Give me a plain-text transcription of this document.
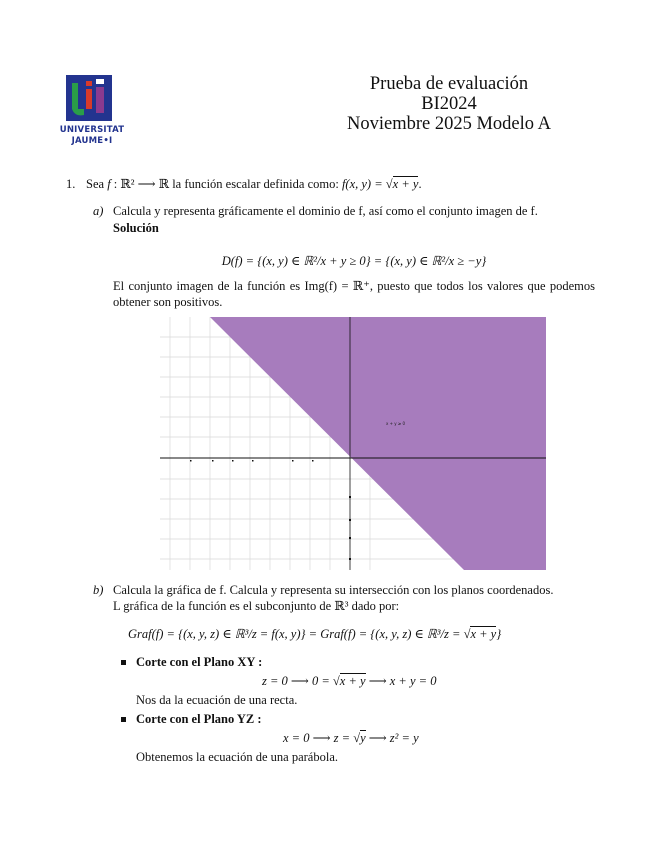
UNIVERSITAT
JAUME•I
Prueba de evaluación
BI2024
Noviembre 2025 Modelo A
1. Sea f : ℝ² ⟶ ℝ la función escalar definida como: f(x, y) = √x + y.
a) Calcula y representa gráficamente el dominio de f, así como el conjunto imagen de f.
Solución
D(f) = {(x, y) ∈ ℝ²/x + y ≥ 0} = {(x, y) ∈ ℝ²/x ≥ −y}
El conjunto imagen de la función es Img(f) = ℝ⁺, puesto que todos los valores que podemos obtener son positivos.
x + y ≥ 0
b) Calcula la gráfica de f. Calcula y representa su intersección con los planos coordenados.
L gráfica de la función es el subconjunto de ℝ³ dado por:
Graf(f) = {(x, y, z) ∈ ℝ³/z = f(x, y)} = Graf(f) = {(x, y, z) ∈ ℝ³/z = √x + y}
Corte con el Plano XY :
z = 0 ⟶ 0 = √x + y ⟶ x + y = 0
Nos da la ecuación de una recta.
Corte con el Plano YZ :
x = 0 ⟶ z = √y ⟶ z² = y
Obtenemos la ecuación de una parábola.
